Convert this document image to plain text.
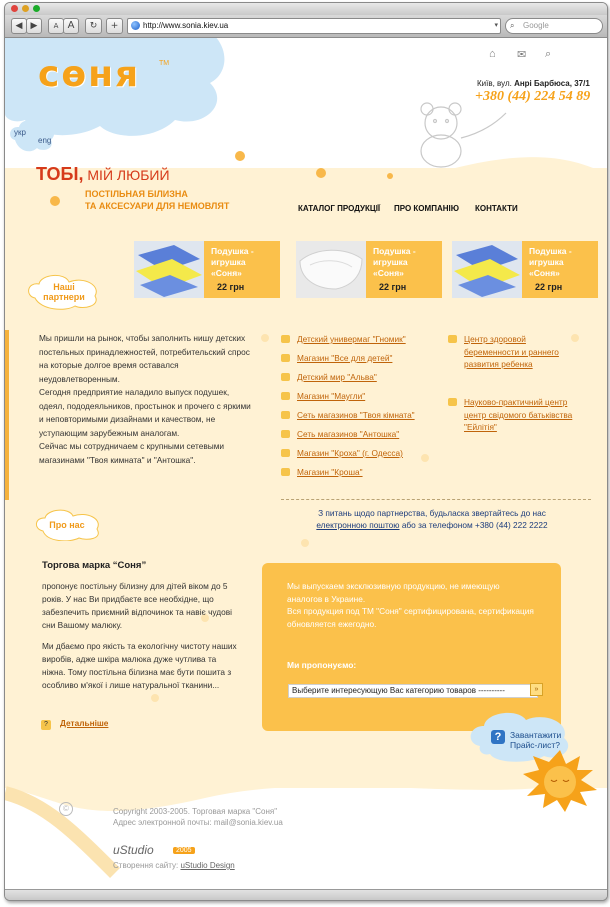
◀ ▶	A A	↻	+	http://www.sonia.kiev.ua	▾ ⌕ Google
сөня	TM
укр
eng
⌂ ✉ ⌕
Київ, вул. Анрі Барбюса, 37/1
+380 (44) 224 54 89
ТОБІ, МІЙ ЛЮБИЙ
ПОСТІЛЬНАЯ БІЛИЗНА
ТА АКСЕСУАРИ ДЛЯ НЕМОВЛЯТ	КАТАЛОГ ПРОДУКЦІЇ ПРО КОМПАНІЮ КОНТАКТИ
Подушка - игрушка «Соня»
22 грн
Подушка - игрушка «Соня»
22 грн
Подушка - игрушка «Соня»
22 грн
Наші партнери
Мы пришли на рынок, чтобы заполнить нишу детских постельных принадлежностей, потребительский спрос на которые долгое время оставался неудовлетворенным.
Сегодня предприятие наладило выпуск подушек, одеял, пододеяльников, простынок и прочего с яркими и неповторимыми дизайнами и качеством, не уступающим зарубежным аналогам.
Сейчас мы сотрудничаем с крупными сетевыми магазинами "Твоя кимната" и "Антошка".
Детский универмаг "Гномик"
Магазин "Все для детей"
Детский мир "Альва"
Магазин "Маугли"
Сеть магазинов "Твоя кімната"
Сеть магазинов "Антошка"
Магазин "Кроха" (г. Одесса)
Магазин "Кроша"
Центр здоровой беременности и раннего развития ребенка
Науково-практичний центр центр свідомого батьківства "Ейлітія"
З питань щодо партнерства, будьласка звертайтесь до нас електронною поштою або за телефоном +380 (44) 222 2222
Про нас
Торгова марка “Соня”
пропонує постільну білизну для дітей віком до 5 років. У нас Ви придбаєте все необхідне, що забезпечить приємний відпочинок та навіє чудові сни Вашому малюку.
Ми дбаємо про якість та екологічну чистоту наших виробів, адже шкіра малюка дуже чутлива та ніжна. Тому постільна білизна має бути пошита з особливо м'якої і лише натуральної тканини...
?	Детальніше
Мы выпускаем эксклюзивную продукцию, не имеющую аналогов в Украине.
Вся продукция под ТМ "Соня" сертифицирована, сертификация обновляется ежегодно.
Ми пропонуємо:
Выберите интересующую Вас категорию товаров ----------	»
?	Завантажити
Прайс-лист?
©	Copyright 2003-2005. Торговая марка "Соня"
Адрес электронной почты: mail@sonia.kiev.ua
uStudio	2005
Створення сайту: uStudio Design
